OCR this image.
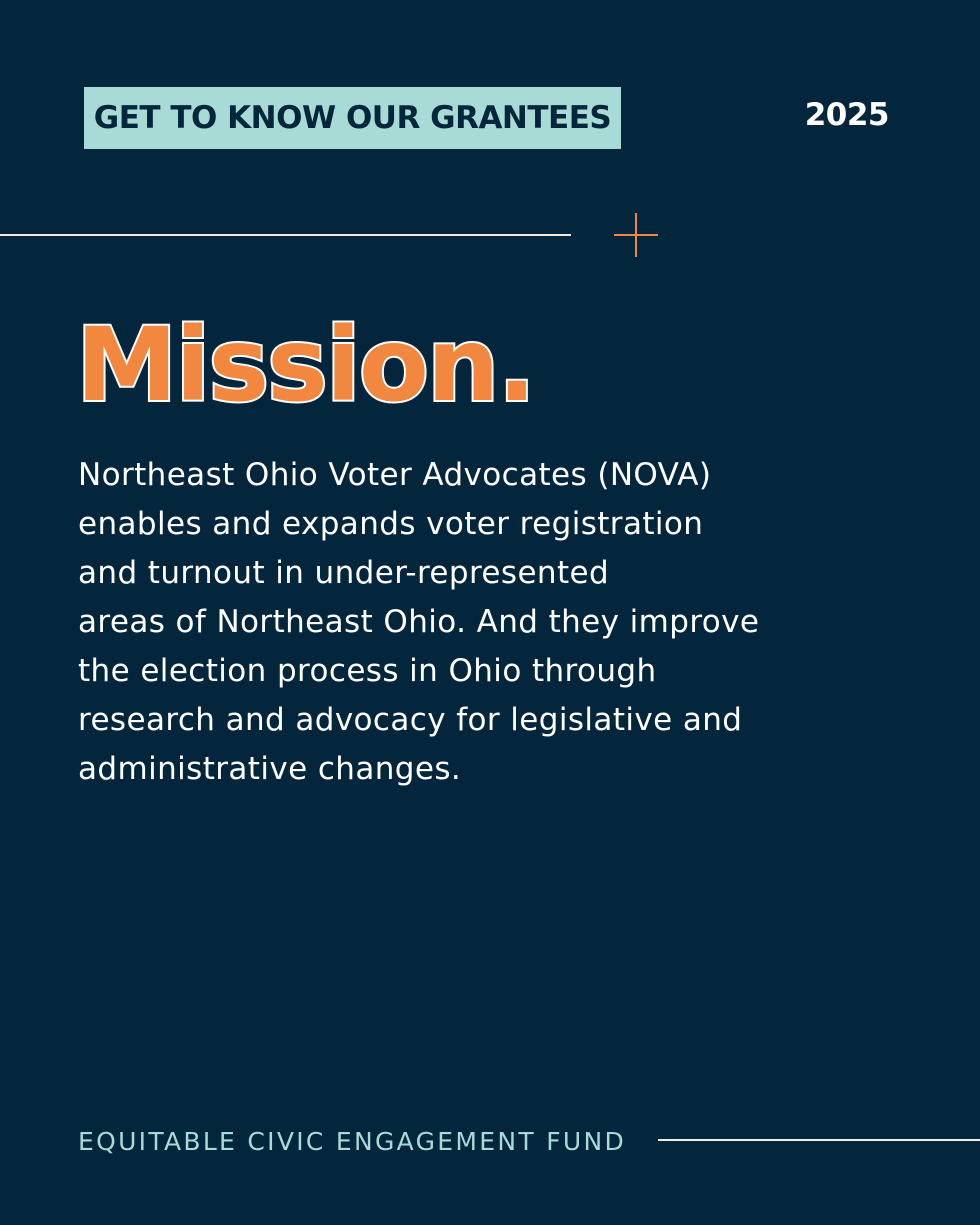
GET TO KNOW OUR GRANTEES	2025
Mission.

Northeast Ohio Voter Advocates (NOVA)
enables and expands voter registration
and turnout in under-represented
areas of Northeast Ohio. And they improve
the election process in Ohio through
research and advocacy for legislative and
administrative changes.

EQUITABLE CIVIC ENGAGEMENT FUND
